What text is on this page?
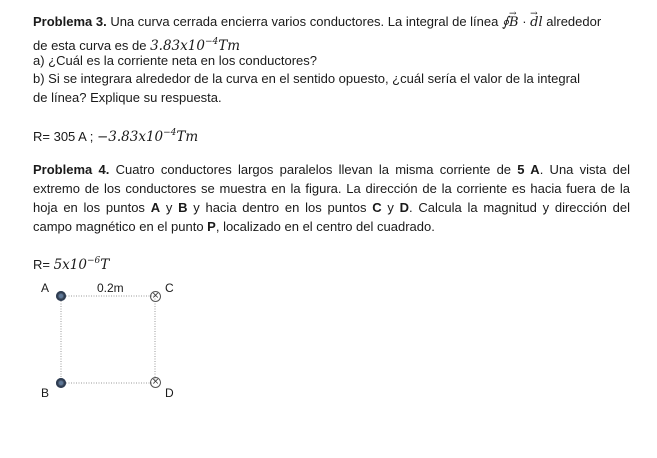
Problema 3. Una curva cerrada encierra varios conductores. La integral de línea ∮→ B · → dl alrededor
de esta curva es de $3.83x10^{-4}Tm$
a) ¿Cuál es la corriente neta en los conductores?
b) Si se integrara alrededor de la curva en el sentido opuesto, ¿cuál sería el valor de la integral
de línea? Explique su respuesta.
R= 305 A ; $-3.83x10^{-4}Tm$
Problema 4. Cuatro conductores largos paralelos llevan la misma corriente de 5 A. Una vista del
extremo de los conductores se muestra en la figura. La dirección de la corriente es hacia fuera de la
hoja en los puntos A y B y hacia dentro en los puntos C y D. Calcula la magnitud y dirección del
campo magnético en el punto P, localizado en el centro del cuadrado.
$R= 5x10^{-6}T$
A	0.2m	C
B	D
×
×
